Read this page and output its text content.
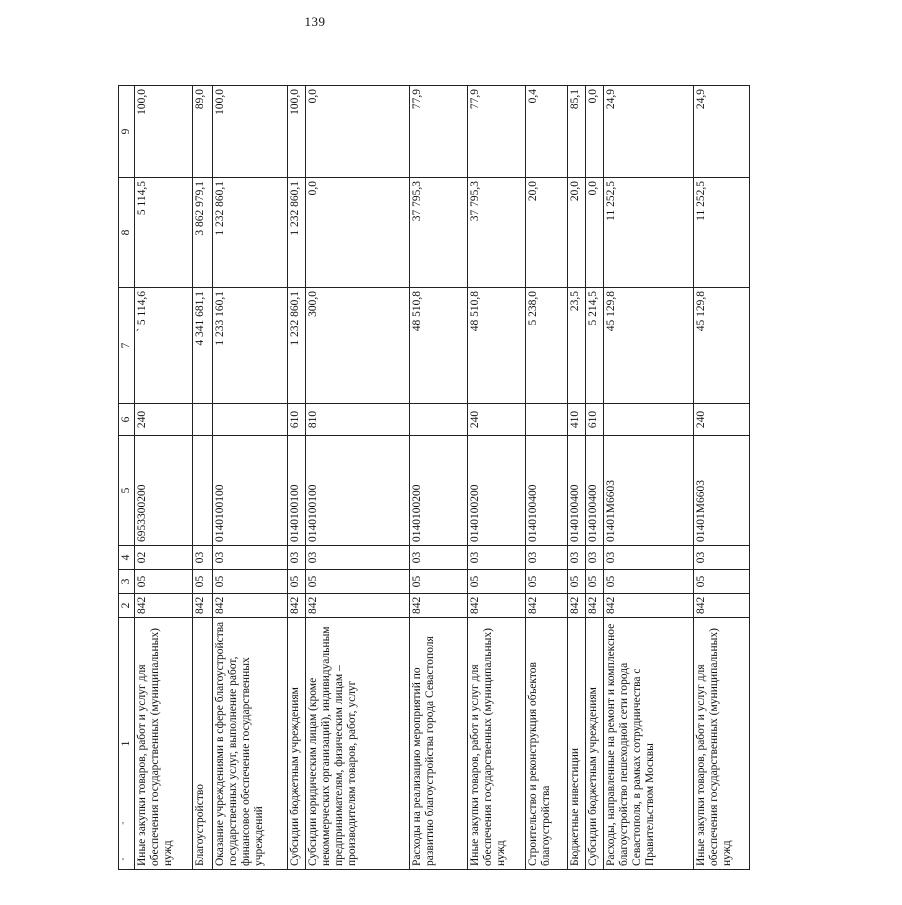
139
'
'
1	2	3	4	5	6	7	8	9
Иные закупки товаров, работ и услуг для обеспечения государственных (муниципальных) нужд	842	05	02	6953300200	240	` 5 114,6	5 114,5	100,0
Благоустройство	842	05	03			4 341 681,1	3 862 979,1	89,0
Оказание учреждениями в сфере благоустройства государственных услуг, выполнение работ, финансовое обеспечение государственных учреждений	842	05	03	0140100100		1 233 160,1	1 232 860,1	100,0
Субсидии бюджетным учреждениям	842	05	03	0140100100	610	1 232 860,1	1 232 860,1	100,0
Субсидии юридическим лицам (кроме некоммерческих организаций), индивидуальным предпринимателям, физическим лицам – производителям товаров, работ, услуг	842	05	03	0140100100	810	300,0	0,0	0,0
Расходы на реализацию мероприятий по развитию благоустройства города Севастополя	842	05	03	0140100200		48 510,8	37 795,3	77,9
Иные закупки товаров, работ и услуг для обеспечения государственных (муниципальных) нужд	842	05	03	0140100200	240	48 510,8	37 795,3	77,9
Строительство и реконструкция объектов благоустройства	842	05	03	0140100400		5 238,0	20,0	0,4
Бюджетные инвестиции	842	05	03	0140100400	410	23,5	20,0	85,1
Субсидии бюджетным учреждениям	842	05	03	0140100400	610	5 214,5	0,0	0,0
Расходы, направленные на ремонт и комплексное благоустройство пешеходной сети города Севастополя, в рамках сотрудничества с Правительством Москвы	842	05	03	01401М6603		45 129,8	11 252,5	24,9
Иные закупки товаров, работ и услуг для обеспечения государственных (муниципальных) нужд	842	05	03	01401М6603	240	45 129,8	11 252,5	24,9
